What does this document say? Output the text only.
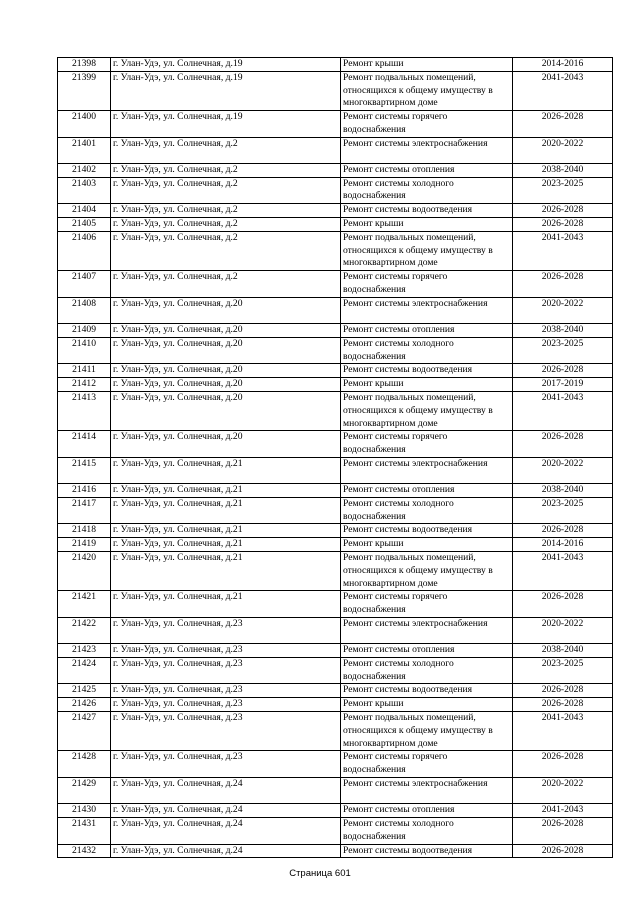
21398	г. Улан-Удэ, ул. Солнечная, д.19	Ремонт крыши	2014-2016
21399	г. Улан-Удэ, ул. Солнечная, д.19	Ремонт подвальных помещений,
относящихся к общему имуществу в
многоквартирном доме	2041-2043
21400	г. Улан-Удэ, ул. Солнечная, д.19	Ремонт системы горячего
водоснабжения	2026-2028
21401	г. Улан-Удэ, ул. Солнечная, д.2	Ремонт системы электроснабжения	2020-2022
21402	г. Улан-Удэ, ул. Солнечная, д.2	Ремонт системы отопления	2038-2040
21403	г. Улан-Удэ, ул. Солнечная, д.2	Ремонт системы холодного
водоснабжения	2023-2025
21404	г. Улан-Удэ, ул. Солнечная, д.2	Ремонт системы водоотведения	2026-2028
21405	г. Улан-Удэ, ул. Солнечная, д.2	Ремонт крыши	2026-2028
21406	г. Улан-Удэ, ул. Солнечная, д.2	Ремонт подвальных помещений,
относящихся к общему имуществу в
многоквартирном доме	2041-2043
21407	г. Улан-Удэ, ул. Солнечная, д.2	Ремонт системы горячего
водоснабжения	2026-2028
21408	г. Улан-Удэ, ул. Солнечная, д.20	Ремонт системы электроснабжения	2020-2022
21409	г. Улан-Удэ, ул. Солнечная, д.20	Ремонт системы отопления	2038-2040
21410	г. Улан-Удэ, ул. Солнечная, д.20	Ремонт системы холодного
водоснабжения	2023-2025
21411	г. Улан-Удэ, ул. Солнечная, д.20	Ремонт системы водоотведения	2026-2028
21412	г. Улан-Удэ, ул. Солнечная, д.20	Ремонт крыши	2017-2019
21413	г. Улан-Удэ, ул. Солнечная, д.20	Ремонт подвальных помещений,
относящихся к общему имуществу в
многоквартирном доме	2041-2043
21414	г. Улан-Удэ, ул. Солнечная, д.20	Ремонт системы горячего
водоснабжения	2026-2028
21415	г. Улан-Удэ, ул. Солнечная, д.21	Ремонт системы электроснабжения	2020-2022
21416	г. Улан-Удэ, ул. Солнечная, д.21	Ремонт системы отопления	2038-2040
21417	г. Улан-Удэ, ул. Солнечная, д.21	Ремонт системы холодного
водоснабжения	2023-2025
21418	г. Улан-Удэ, ул. Солнечная, д.21	Ремонт системы водоотведения	2026-2028
21419	г. Улан-Удэ, ул. Солнечная, д.21	Ремонт крыши	2014-2016
21420	г. Улан-Удэ, ул. Солнечная, д.21	Ремонт подвальных помещений,
относящихся к общему имуществу в
многоквартирном доме	2041-2043
21421	г. Улан-Удэ, ул. Солнечная, д.21	Ремонт системы горячего
водоснабжения	2026-2028
21422	г. Улан-Удэ, ул. Солнечная, д.23	Ремонт системы электроснабжения	2020-2022
21423	г. Улан-Удэ, ул. Солнечная, д.23	Ремонт системы отопления	2038-2040
21424	г. Улан-Удэ, ул. Солнечная, д.23	Ремонт системы холодного
водоснабжения	2023-2025
21425	г. Улан-Удэ, ул. Солнечная, д.23	Ремонт системы водоотведения	2026-2028
21426	г. Улан-Удэ, ул. Солнечная, д.23	Ремонт крыши	2026-2028
21427	г. Улан-Удэ, ул. Солнечная, д.23	Ремонт подвальных помещений,
относящихся к общему имуществу в
многоквартирном доме	2041-2043
21428	г. Улан-Удэ, ул. Солнечная, д.23	Ремонт системы горячего
водоснабжения	2026-2028
21429	г. Улан-Удэ, ул. Солнечная, д.24	Ремонт системы электроснабжения	2020-2022
21430	г. Улан-Удэ, ул. Солнечная, д.24	Ремонт системы отопления	2041-2043
21431	г. Улан-Удэ, ул. Солнечная, д.24	Ремонт системы холодного
водоснабжения	2026-2028
21432	г. Улан-Удэ, ул. Солнечная, д.24	Ремонт системы водоотведения	2026-2028
Страница 601
